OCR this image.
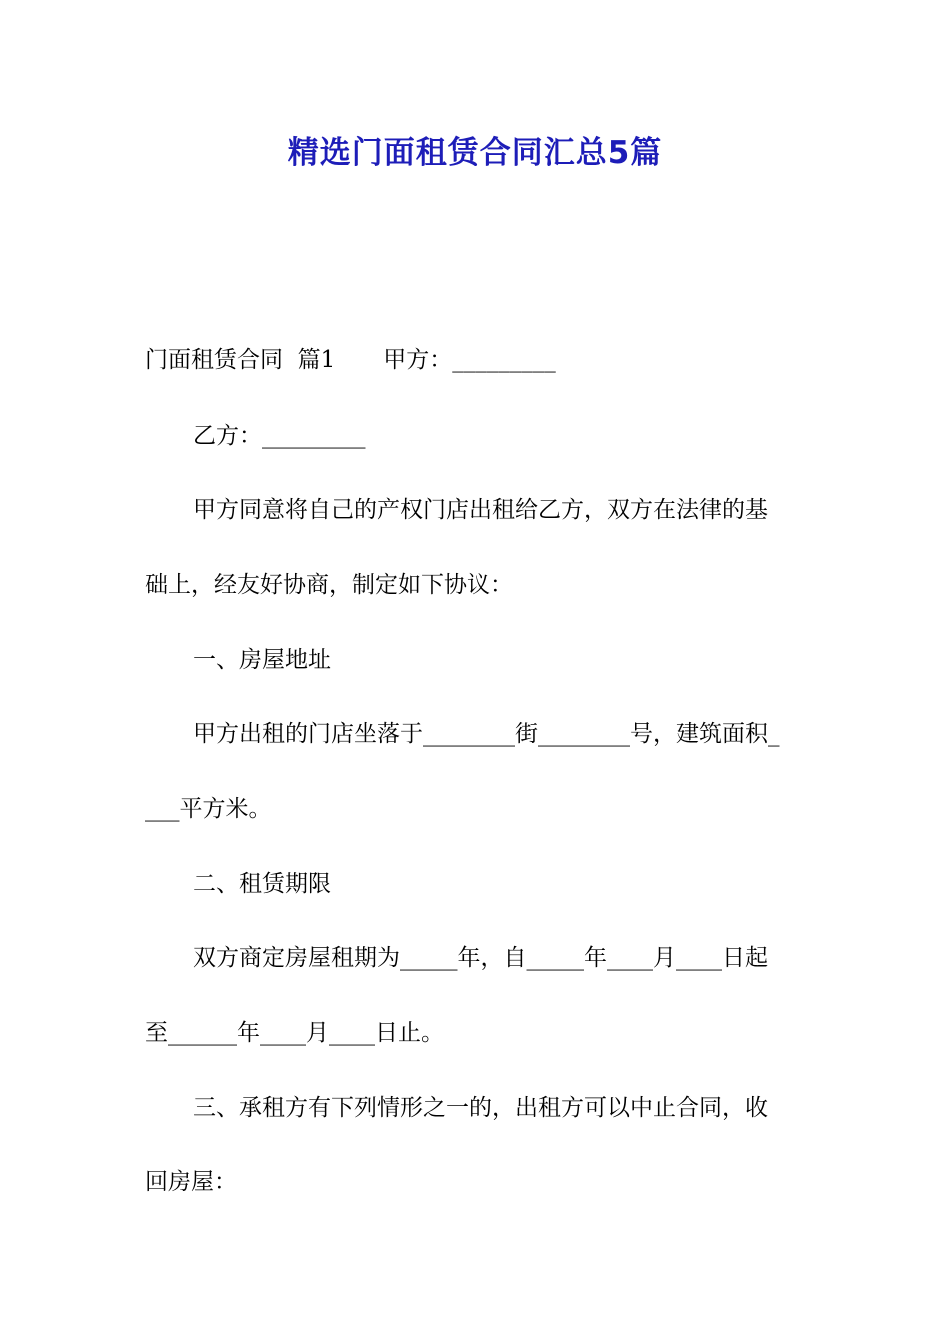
精选门面租赁合同汇总5篇
门面租赁合同  篇1 甲方：_________
乙方：_________
甲方同意将自己的产权门店出租给乙方，双方在法律的基
础上，经友好协商，制定如下协议：
一、房屋地址
甲方出租的门店坐落于________街________号，建筑面积_
___平方米。
二、租赁期限
双方商定房屋租期为_____年，自_____年____月____日起
至______年____月____日止。
三、承租方有下列情形之一的，出租方可以中止合同，收
回房屋：
